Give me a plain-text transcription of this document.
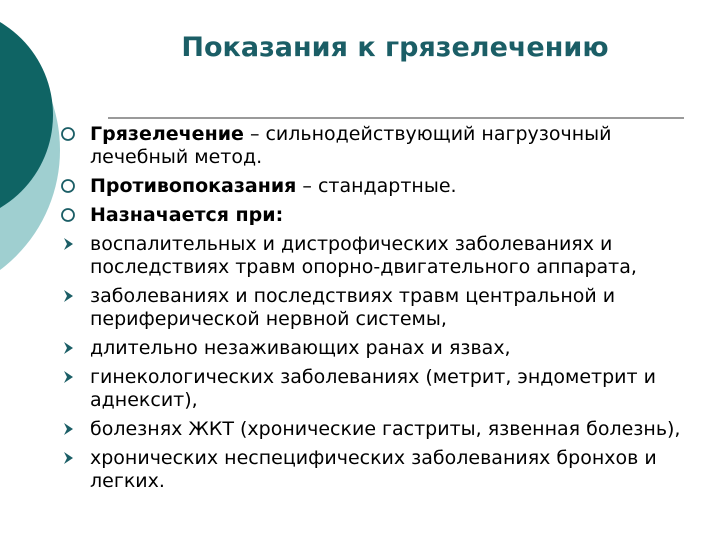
Показания к грязелечению
Грязелечение – сильнодействующий нагрузочный лечебный метод.
Противопоказания – стандартные.
Назначается при:
воспалительных и дистрофических заболеваниях и последствиях травм опорно-двигательного аппарата,
заболеваниях и последствиях травм центральной и периферической нервной системы,
длительно незаживающих ранах и язвах,
гинекологических заболеваниях (метрит, эндометрит и аднексит),
болезнях ЖКТ (хронические гастриты, язвенная болезнь),
хронических неспецифических заболеваниях бронхов и легких.
